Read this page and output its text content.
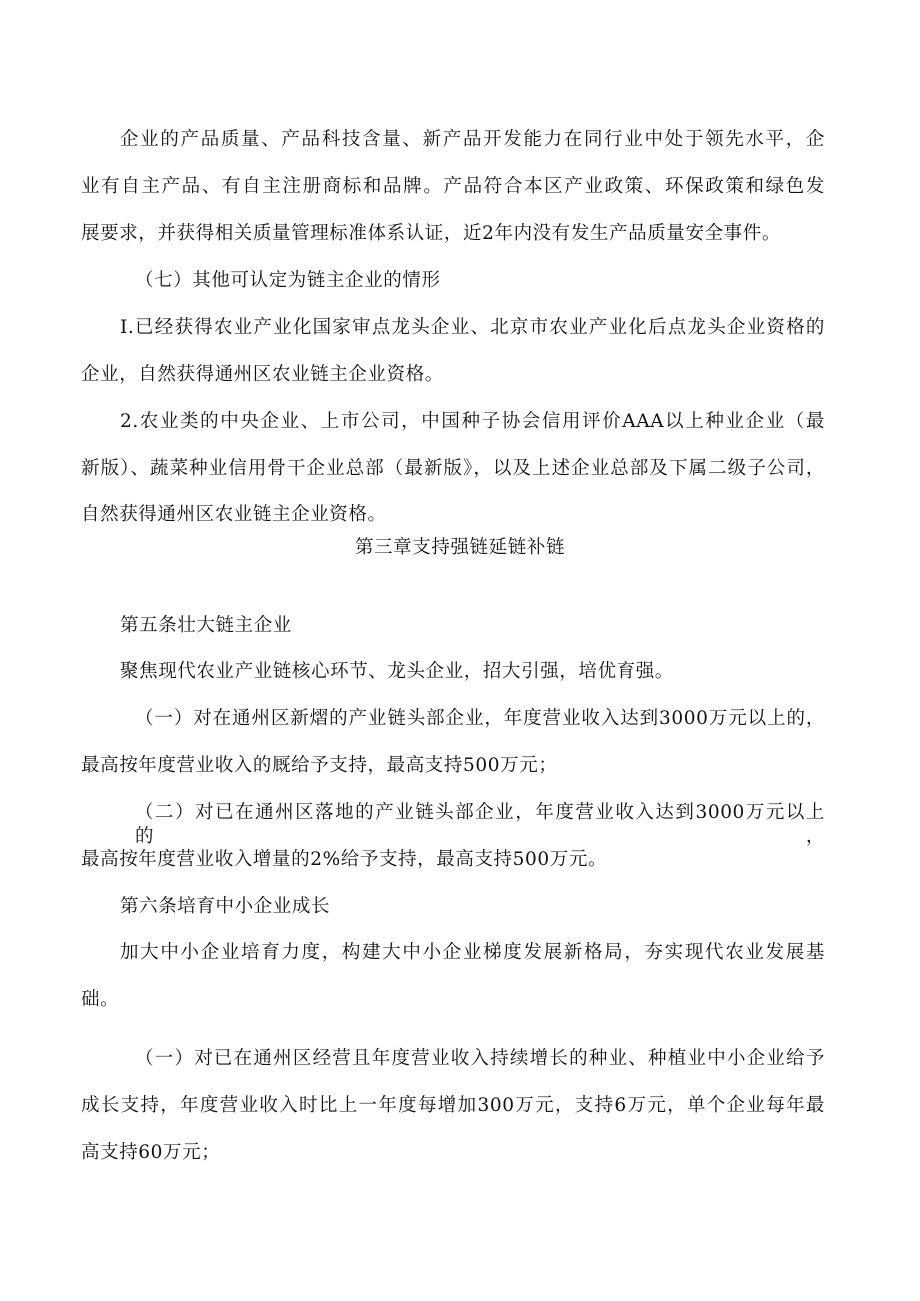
企业的产品质量、产品科技含量、新产品开发能力在同行业中处于领先水平，企
业有自主产品、有自主注册商标和品牌。产品符合本区产业政策、环保政策和绿色发
展要求，并获得相关质量管理标准体系认证，近2年内没有发生产品质量安全事件。
（七）其他可认定为链主企业的情形
I.已经获得农业产业化国家审点龙头企业、北京市农业产业化后点龙头企业资格的
企业，自然获得通州区农业链主企业资格。
2.农业类的中央企业、上市公司，中国种子协会信用评价AAA以上种业企业（最
新版）、蔬菜种业信用骨干企业总部（最新版》，以及上述企业总部及下属二级子公司，
自然获得通州区农业链主企业资格。
第三章支持强链延链补链
第五条壮大链主企业
聚焦现代农业产业链核心环节、龙头企业，招大引强，培优育强。
（一）对在通州区新熠的产业链头部企业，年度营业收入达到3000万元以上的，
最高按年度营业收入的厩给予支持，最高支持500万元；
（二）对已在通州区落地的产业链头部企业，年度营业收入达到3000万元以上的，
最高按年度营业收入增量的2%给予支持，最高支持500万元。
第六条培育中小企业成长
加大中小企业培育力度，构建大中小企业梯度发展新格局，夯实现代农业发展基
础。
（一）对已在通州区经营且年度营业收入持续增长的种业、种植业中小企业给予
成长支持，年度营业收入时比上一年度每增加300万元，支持6万元，单个企业每年最
高支持60万元；
